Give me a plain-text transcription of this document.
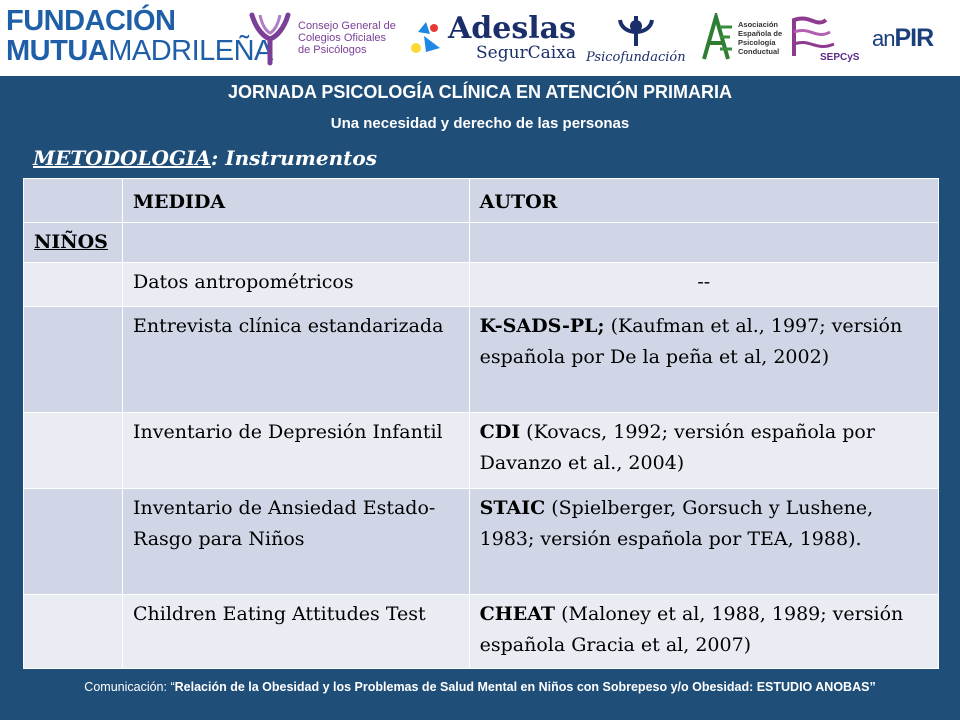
FUNDACIÓN
MUTUAMADRILEÑA
Consejo General de
Colegios Oficiales
de Psicólogos
Adeslas
SegurCaixa Psicofundación
Asociación
Española de
Psicología
Conductual
SEPCyS
anPIR
JORNADA PSICOLOGÍA CLÍNICA EN ATENCIÓN PRIMARIA
Una necesidad y derecho de las personas
METODOLOGIA: Instrumentos
	MEDIDA	AUTOR
NIÑOS		
	Datos antropométricos	--
	Entrevista clínica estandarizada	K-SADS-PL; (Kaufman et al., 1997; versión española por De la peña et al, 2002)
	Inventario de Depresión Infantil	CDI (Kovacs, 1992; versión española por Davanzo et al., 2004)
	Inventario de Ansiedad Estado-Rasgo para Niños	STAIC (Spielberger, Gorsuch y Lushene, 1983; versión española por TEA, 1988).
	Children Eating Attitudes Test	CHEAT (Maloney et al, 1988, 1989; versión española Gracia et al, 2007)
Comunicación: “Relación de la Obesidad y los Problemas de Salud Mental en Niños con Sobrepeso y/o Obesidad: ESTUDIO ANOBAS”
